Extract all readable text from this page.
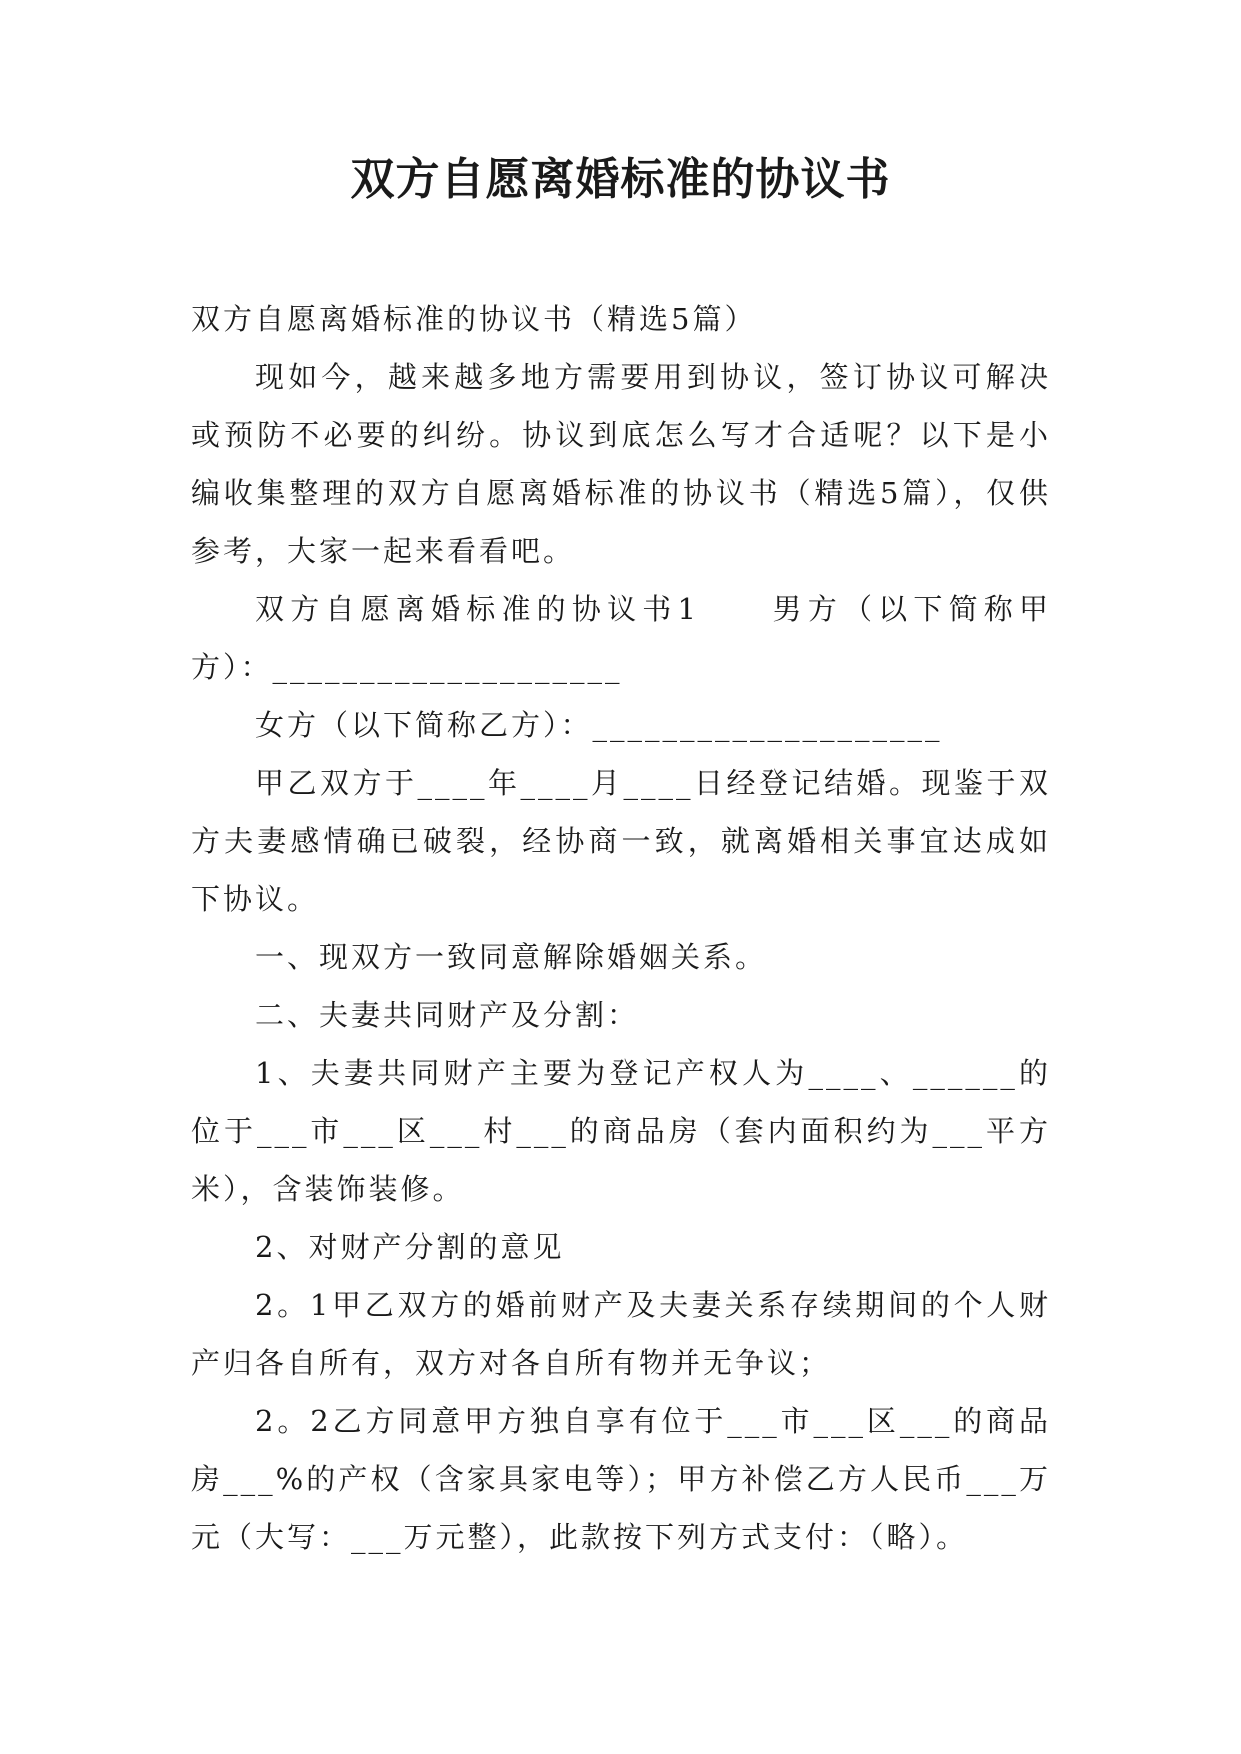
双方自愿离婚标准的协议书

双方自愿离婚标准的协议书（精选5篇）

现如今，越来越多地方需要用到协议，签订协议可解决或预防不必要的纠纷。协议到底怎么写才合适呢？以下是小编收集整理的双方自愿离婚标准的协议书（精选5篇），仅供参考，大家一起来看看吧。

双方自愿离婚标准的协议书1　　男方（以下简称甲方）：____________________

女方（以下简称乙方）：____________________

甲乙双方于____年____月____日经登记结婚。现鉴于双方夫妻感情确已破裂，经协商一致，就离婚相关事宜达成如下协议。

一、现双方一致同意解除婚姻关系。

二、夫妻共同财产及分割：

1、夫妻共同财产主要为登记产权人为____、______的位于___市___区___村___的商品房（套内面积约为___平方米），含装饰装修。

2、对财产分割的意见

2。1甲乙双方的婚前财产及夫妻关系存续期间的个人财产归各自所有，双方对各自所有物并无争议；

2。2乙方同意甲方独自享有位于___市___区___的商品房___%的产权（含家具家电等）；甲方补偿乙方人民币___万元（大写：___万元整），此款按下列方式支付：（略）。
